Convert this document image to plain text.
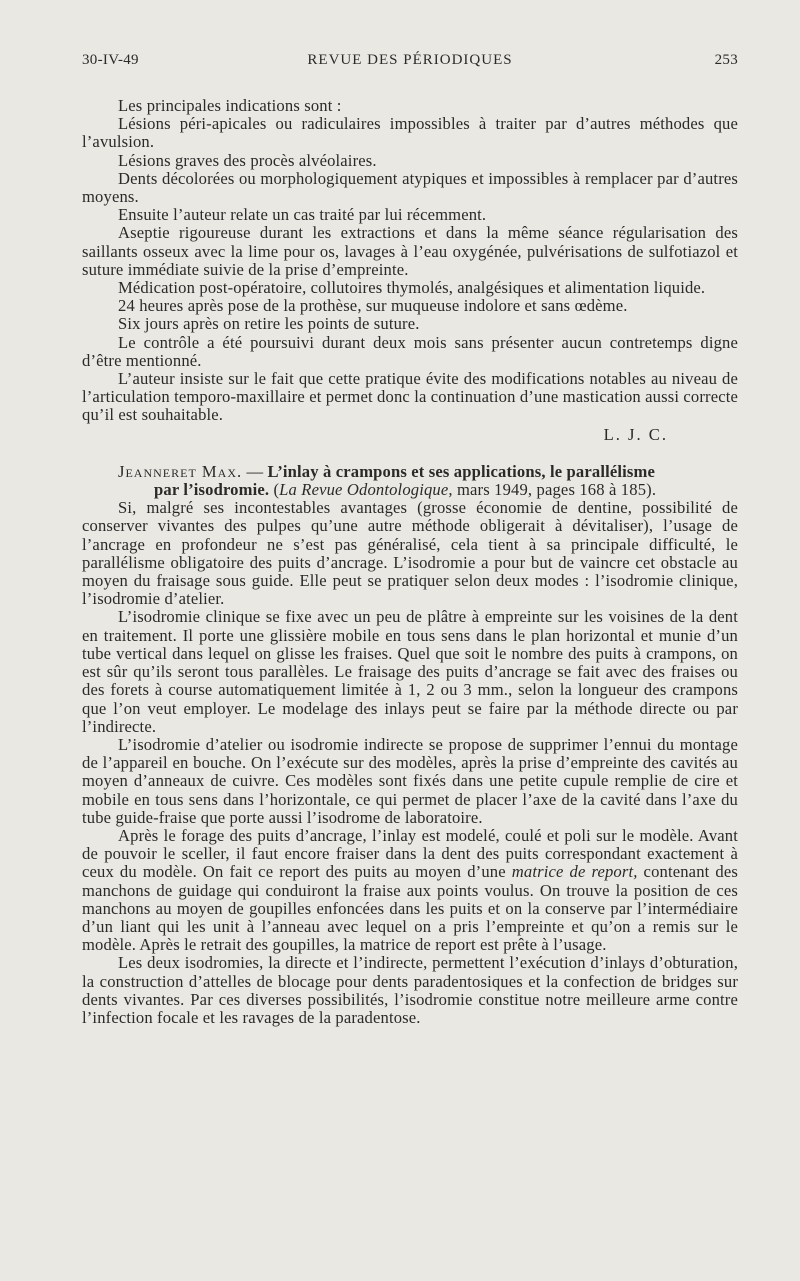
30-IV-49	REVUE DES PÉRIODIQUES	253

Les principales indications sont :

Lésions péri-apicales ou radiculaires impossibles à traiter par d’autres méthodes que l’avulsion.

Lésions graves des procès alvéolaires.

Dents décolorées ou morphologiquement atypiques et impossibles à remplacer par d’autres moyens.

Ensuite l’auteur relate un cas traité par lui récemment.

Aseptie rigoureuse durant les extractions et dans la même séance régularisation des saillants osseux avec la lime pour os, lavages à l’eau oxygénée, pulvérisations de sulfotiazol et suture immédiate suivie de la prise d’empreinte.

Médication post-opératoire, collutoires thymolés, analgésiques et alimentation liquide.

24 heures après pose de la prothèse, sur muqueuse indolore et sans œdème.

Six jours après on retire les points de suture.

Le contrôle a été poursuivi durant deux mois sans présenter aucun contretemps digne d’être mentionné.

L’auteur insiste sur le fait que cette pratique évite des modifications notables au niveau de l’articulation temporo-maxillaire et permet donc la continuation d’une mastication aussi correcte qu’il est souhaitable.

L. J. C.

Jeanneret Max. — L’inlay à crampons et ses applications, le parallélisme
par l’isodromie. (La Revue Odontologique, mars 1949, pages 168 à 185).

Si, malgré ses incontestables avantages (grosse économie de dentine, possibilité de conserver vivantes des pulpes qu’une autre méthode obligerait à dévitaliser), l’usage de l’ancrage en profondeur ne s’est pas généralisé, cela tient à sa principale difficulté, le parallélisme obligatoire des puits d’ancrage. L’isodromie a pour but de vaincre cet obstacle au moyen du fraisage sous guide. Elle peut se pratiquer selon deux modes : l’isodromie clinique, l’isodromie d’atelier.

L’isodromie clinique se fixe avec un peu de plâtre à empreinte sur les voisines de la dent en traitement. Il porte une glissière mobile en tous sens dans le plan horizontal et munie d’un tube vertical dans lequel on glisse les fraises. Quel que soit le nombre des puits à crampons, on est sûr qu’ils seront tous parallèles. Le fraisage des puits d’ancrage se fait avec des fraises ou des forets à course automatiquement limitée à 1, 2 ou 3 mm., selon la longueur des crampons que l’on veut employer. Le modelage des inlays peut se faire par la méthode directe ou par l’indirecte.

L’isodromie d’atelier ou isodromie indirecte se propose de supprimer l’ennui du montage de l’appareil en bouche. On l’exécute sur des modèles, après la prise d’empreinte des cavités au moyen d’anneaux de cuivre. Ces modèles sont fixés dans une petite cupule remplie de cire et mobile en tous sens dans l’horizontale, ce qui permet de placer l’axe de la cavité dans l’axe du tube guide-fraise que porte aussi l’isodrome de laboratoire.

Après le forage des puits d’ancrage, l’inlay est modelé, coulé et poli sur le modèle. Avant de pouvoir le sceller, il faut encore fraiser dans la dent des puits correspondant exactement à ceux du modèle. On fait ce report des puits au moyen d’une matrice de report, contenant des manchons de guidage qui conduiront la fraise aux points voulus. On trouve la position de ces manchons au moyen de goupilles enfoncées dans les puits et on la conserve par l’intermédiaire d’un liant qui les unit à l’anneau avec lequel on a pris l’empreinte et qu’on a remis sur le modèle. Après le retrait des goupilles, la matrice de report est prête à l’usage.

Les deux isodromies, la directe et l’indirecte, permettent l’exécution d’inlays d’obturation, la construction d’attelles de blocage pour dents paradentosiques et la confection de bridges sur dents vivantes. Par ces diverses possibilités, l’isodromie constitue notre meilleure arme contre l’infection focale et les ravages de la paradentose.
